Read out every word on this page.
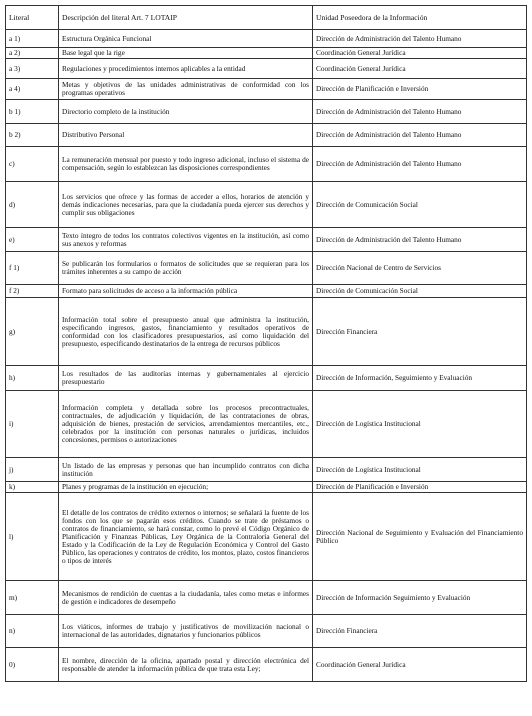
Literal	Descripción del literal Art. 7 LOTAIP	Unidad Poseedora de la Información
a 1)	Estructura Orgánica Funcional	Dirección de Administración del Talento Humano
a 2)	Base legal que la rige	Coordinación General Jurídica
a 3)	Regulaciones y procedimientos internos aplicables a la entidad	Coordinación General Jurídica
a 4)	Metas y objetivos de las unidades administrativas de conformidad con los programas operativos	Dirección de Planificación e Inversión
b 1)	Directorio completo de la institución	Dirección de Administración del Talento Humano
b 2)	Distributivo Personal	Dirección de Administración del Talento Humano
c)	La remuneración mensual por puesto y todo ingreso adicional, incluso el sistema de compensación, según lo establezcan las disposiciones correspondientes	Dirección de Administración del Talento Humano
d)	Los servicios que ofrece y las formas de acceder a ellos, horarios de atención y demás indicaciones necesarias, para que la ciudadanía pueda ejercer sus derechos y cumplir sus obligaciones	Dirección de Comunicación Social
e)	Texto íntegro de todos los contratos colectivos vigentes en la institución, así como sus anexos y reformas	Dirección de Administración del Talento Humano
f 1)	Se publicarán los formularios o formatos de solicitudes que se requieran para los trámites inherentes a su campo de acción	Dirección Nacional de Centro de Servicios
f 2)	Formato para solicitudes de acceso a la información pública	Dirección de Comunicación Social
g)	Información total sobre el presupuesto anual que administra la institución, especificando ingresos, gastos, financiamiento y resultados operativos de conformidad con los clasificadores presupuestarios, así como liquidación del presupuesto, especificando destinatarios de la entrega de recursos públicos	Dirección Financiera
h)	Los resultados de las auditorías internas y gubernamentales al ejercicio presupuestario	Dirección de Información, Seguimiento y Evaluación
i)	Información completa y detallada sobre los procesos precontractuales, contractuales, de adjudicación y liquidación, de las contrataciones de obras, adquisición de bienes, prestación de servicios, arrendamientos mercantiles, etc., celebrados por la institución con personas naturales o jurídicas, incluidos concesiones, permisos o autorizaciones	Dirección de Logística Institucional
j)	Un listado de las empresas y personas que han incumplido contratos con dicha institución	Dirección de Logística Institucional
k)	Planes y programas de la institución en ejecución;	Dirección de Planificación e Inversión
l)	El detalle de los contratos de crédito externos o internos; se señalará la fuente de los fondos con los que se pagarán esos créditos. Cuando se trate de préstamos o contratos de financiamiento, se hará constar, como lo prevé el Código Orgánico de Planificación y Finanzas Públicas, Ley Orgánica de la Contraloría General del Estado y la Codificación de la Ley de Regulación Económica y Control del Gasto Público, las operaciones y contratos de crédito, los montos, plazo, costos financieros o tipos de interés	Dirección Nacional de Seguimiento y Evaluación del Financiamiento Público
m)	Mecanismos de rendición de cuentas a la ciudadanía, tales como metas e informes de gestión e indicadores de desempeño	Dirección de Información Seguimiento y Evaluación
n)	Los viáticos, informes de trabajo y justificativos de movilización nacional o internacional de las autoridades, dignatarios y funcionarios públicos	Dirección Financiera
0)	El nombre, dirección de la oficina, apartado postal y dirección electrónica del responsable de atender la información pública de que trata esta Ley;	Coordinación General Jurídica
